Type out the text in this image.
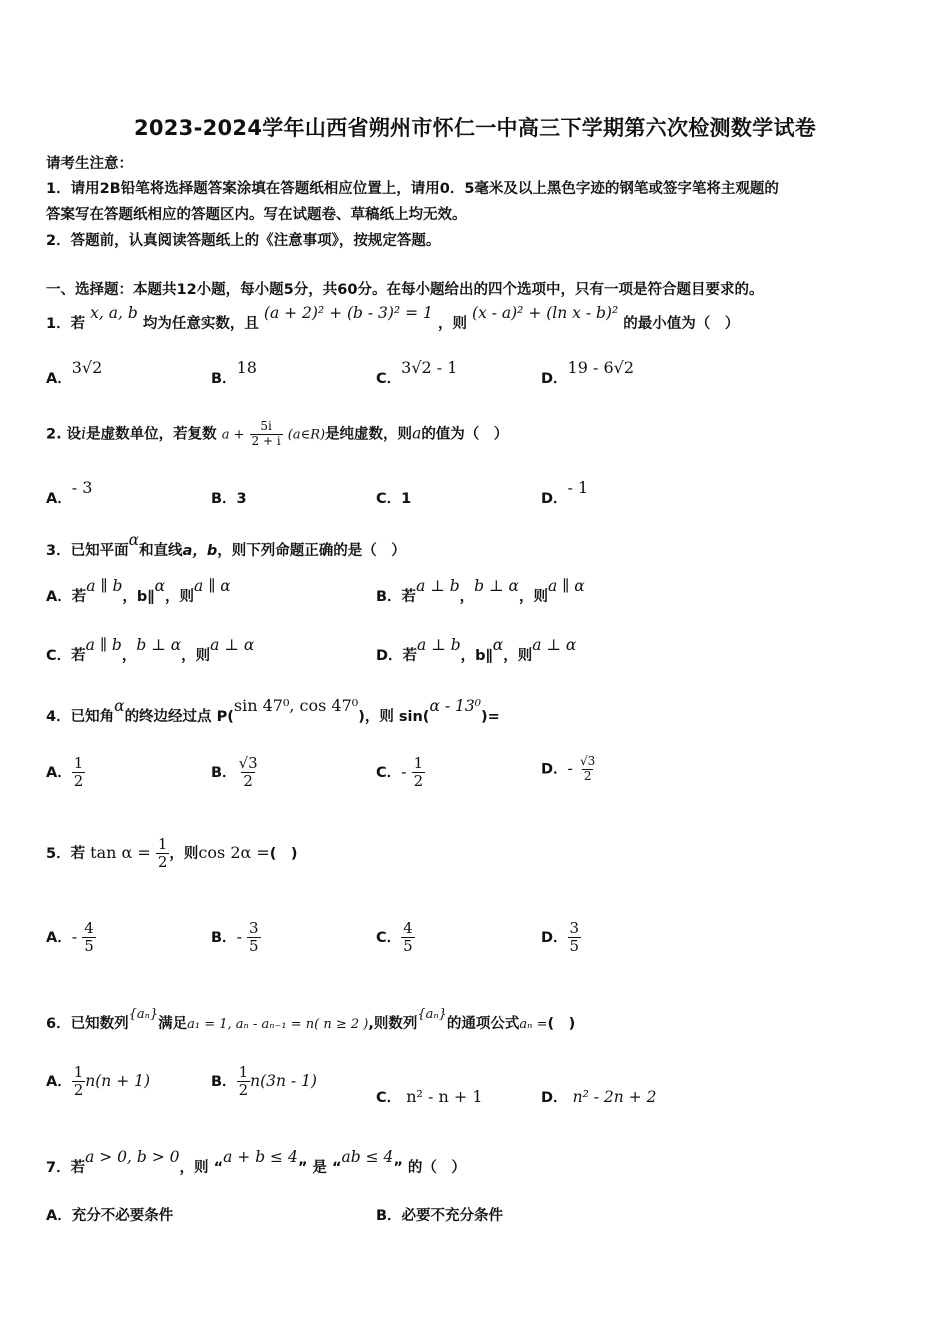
2023-2024学年山西省朔州市怀仁一中高三下学期第六次检测数学试卷
请考生注意：
1．请用2B铅笔将选择题答案涂填在答题纸相应位置上，请用0．5毫米及以上黑色字迹的钢笔或签字笔将主观题的
答案写在答题纸相应的答题区内。写在试题卷、草稿纸上均无效。
2．答题前，认真阅读答题纸上的《注意事项》，按规定答题。
一、选择题：本题共12小题，每小题5分，共60分。在每小题给出的四个选项中，只有一项是符合题目要求的。
1．若 x, a, b 均为任意实数，且 (a + 2)² + (b - 3)² = 1 ，则 (x - a)² + (ln x - b)² 的最小值为（　）
A．3√2
B．18
C．3√2 - 1
D．19 - 6√2
2. 设i是虚数单位，若复数 $a + \frac{5i}{2 + i}$ (a∈R)是纯虚数，则a的值为（　）
A．- 3
B．3	C．1	D．- 1
3．已知平面α和直线a，b，则下列命题正确的是（　）
A．若a ∥ b，b∥α，则a ∥ α
B．若a ⊥ b，b ⊥ α，则a ∥ α
C．若a ∥ b，b ⊥ α，则a ⊥ α
D．若a ⊥ b，b∥α，则a ⊥ α
4．已知角α的终边经过点 P(sin 47⁰, cos 47⁰)，则 sin(α - 13⁰)=
A． $\frac{1}{2}$	B． $\frac{√3}{2}$	C．- $\frac{1}{2}$	D．- $\frac{√3}{2}$
5．若 $\tan \alpha = \frac{1}{2}$ ，则cos 2α =(　)
A．- $\frac{4}{5}$	B．- $\frac{3}{5}$	C． $\frac{4}{5}$	D． $\frac{3}{5}$
6．已知数列{aₙ}满足a₁ = 1, aₙ - aₙ₋₁ = n( n ≥ 2 ),则数列{aₙ}的通项公式aₙ =(　)
A． $\frac{1}{2} n(n + 1)$	B． $\frac{1}{2} n(3n - 1)$
C． n² - n + 1	D． n² - 2n + 2
7．若a > 0, b > 0，则 “a + b ≤ 4” 是 “ab ≤ 4” 的（　）
A．充分不必要条件	B．必要不充分条件
